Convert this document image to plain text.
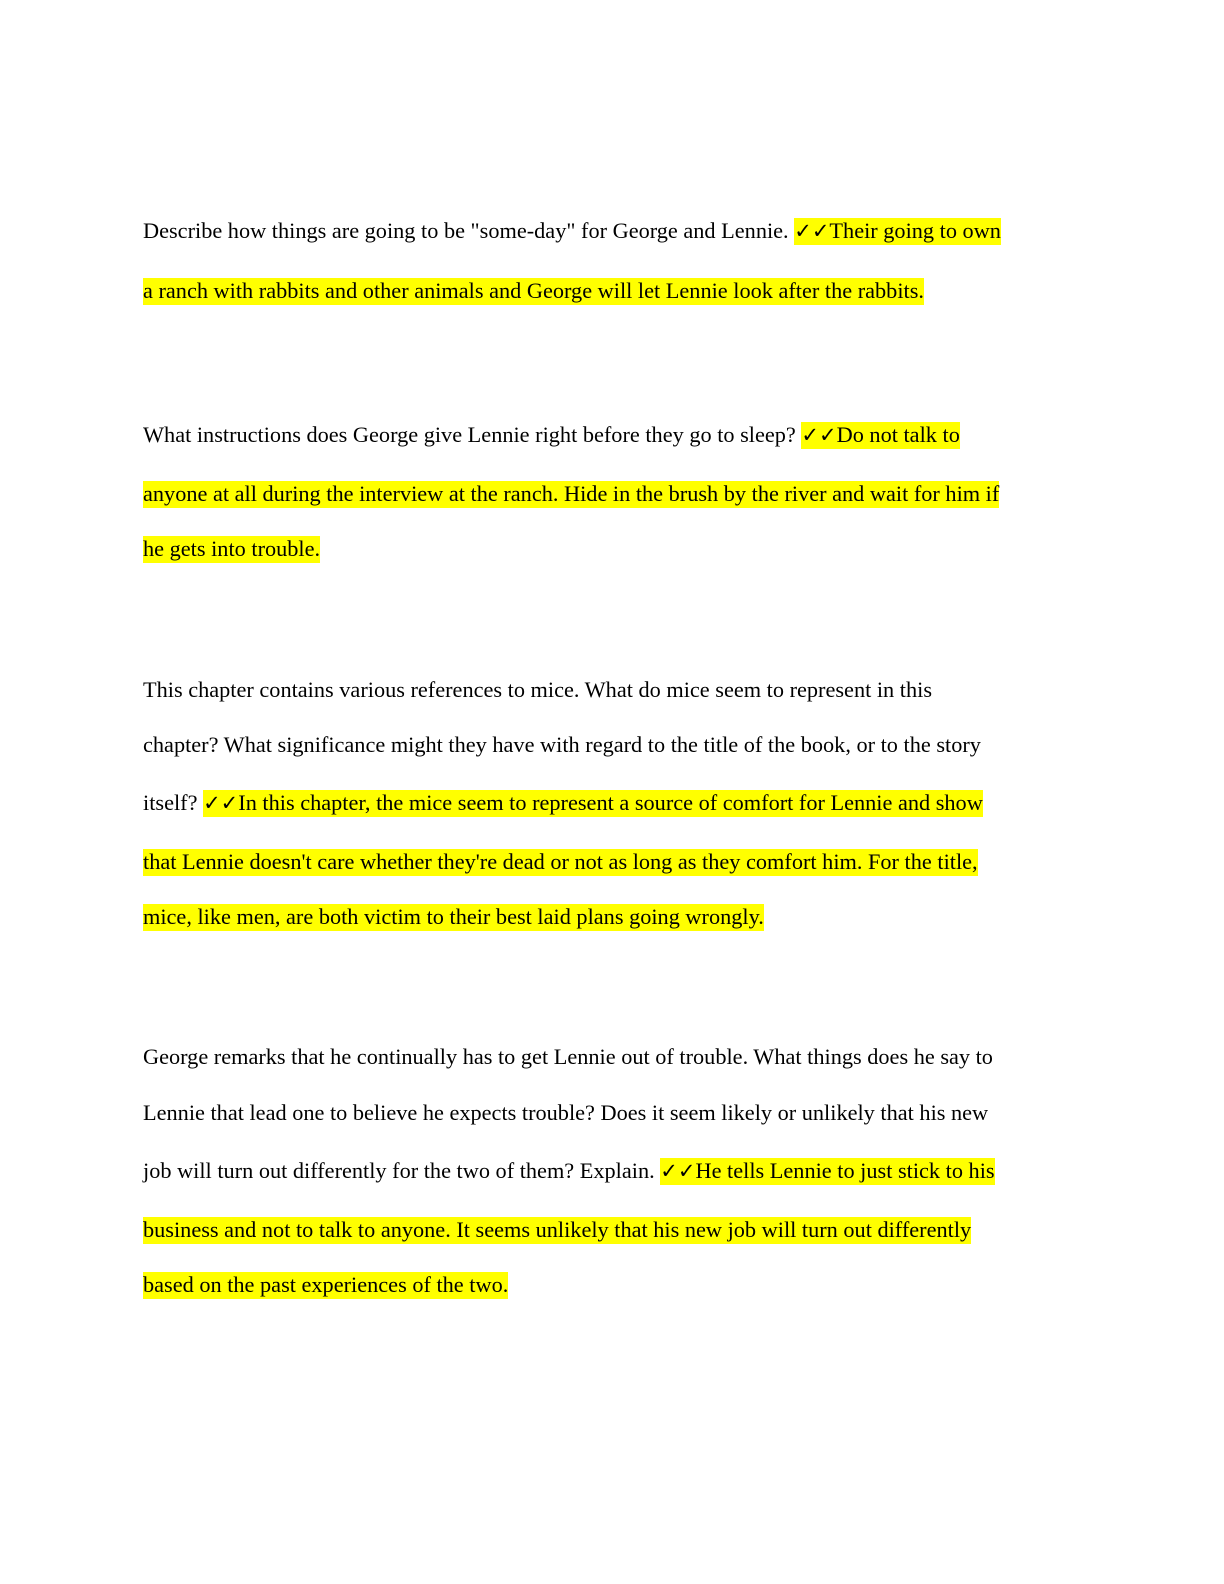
Describe how things are going to be "some-day" for George and Lennie. ✓✓Their going to own
a ranch with rabbits and other animals and George will let Lennie look after the rabbits.
What instructions does George give Lennie right before they go to sleep? ✓✓Do not talk to
anyone at all during the interview at the ranch. Hide in the brush by the river and wait for him if
he gets into trouble.
This chapter contains various references to mice. What do mice seem to represent in this
chapter? What significance might they have with regard to the title of the book, or to the story
itself? ✓✓In this chapter, the mice seem to represent a source of comfort for Lennie and show
that Lennie doesn't care whether they're dead or not as long as they comfort him. For the title,
mice, like men, are both victim to their best laid plans going wrongly.
George remarks that he continually has to get Lennie out of trouble. What things does he say to
Lennie that lead one to believe he expects trouble? Does it seem likely or unlikely that his new
job will turn out differently for the two of them? Explain. ✓✓He tells Lennie to just stick to his
business and not to talk to anyone. It seems unlikely that his new job will turn out differently
based on the past experiences of the two.
